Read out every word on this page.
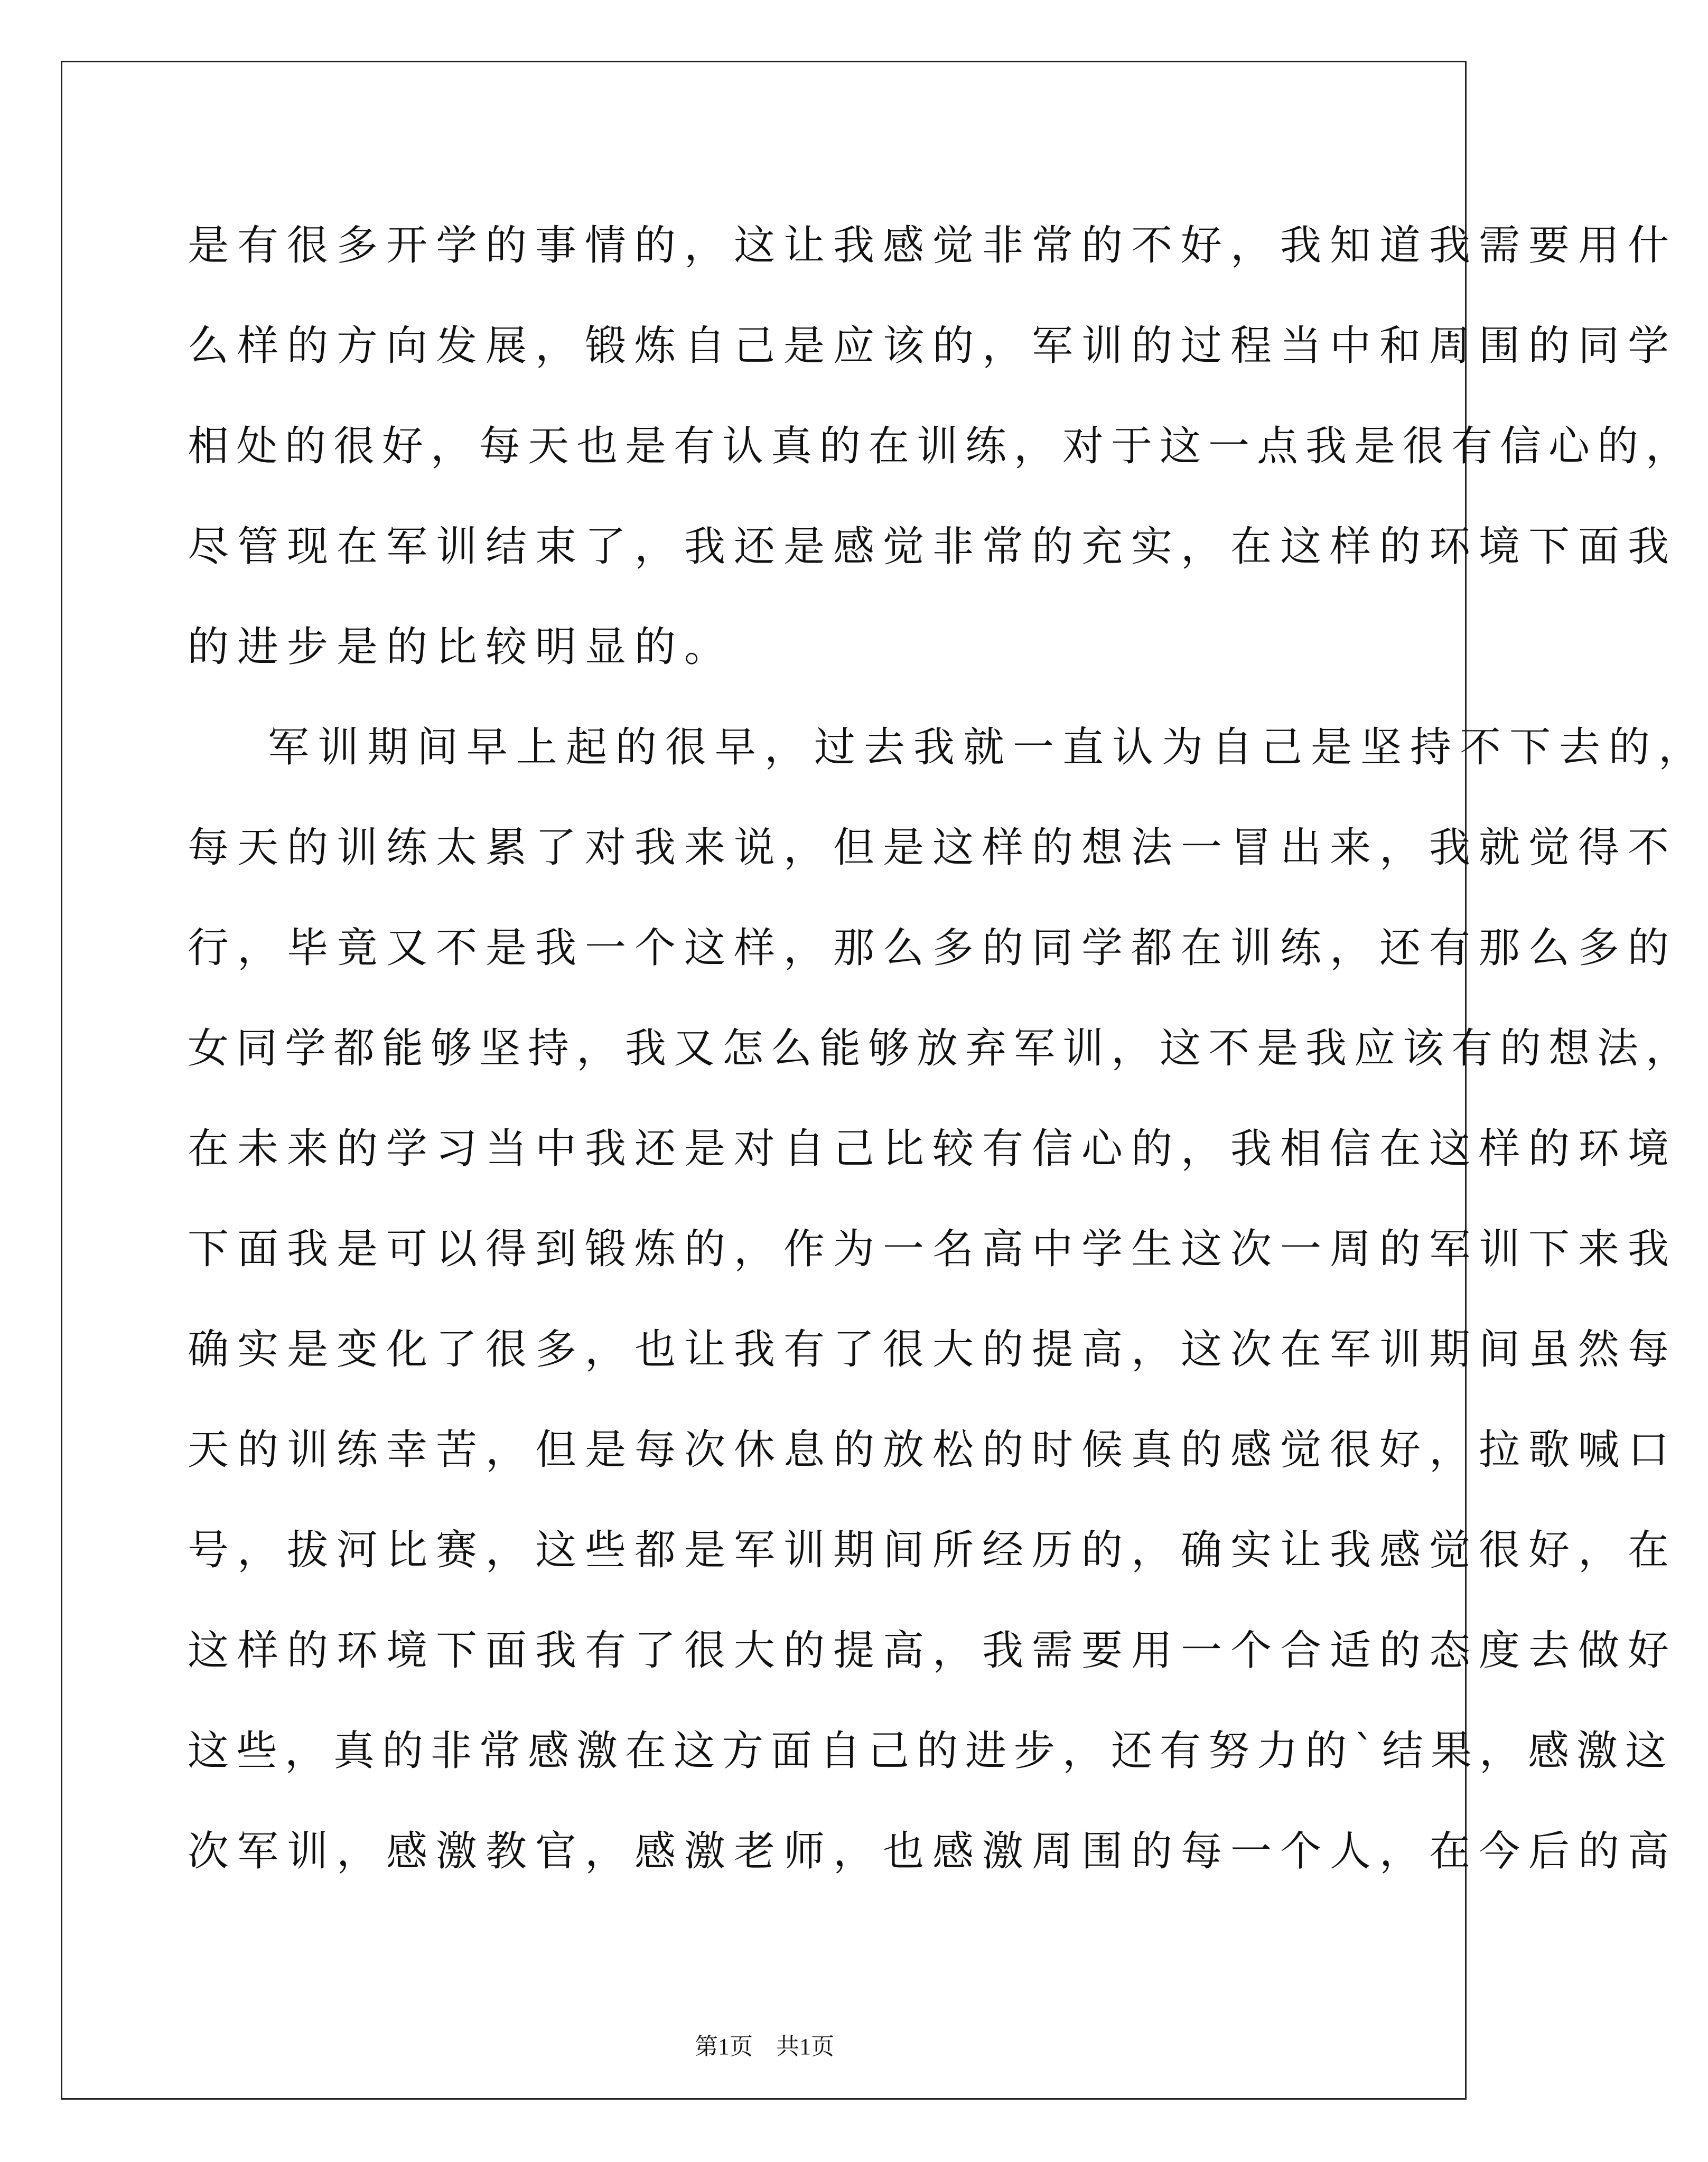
是有很多开学的事情的，这让我感觉非常的不好，我知道我需要用什
么样的方向发展，锻炼自己是应该的，军训的过程当中和周围的同学
相处的很好，每天也是有认真的在训练，对于这一点我是很有信心的，
尽管现在军训结束了，我还是感觉非常的充实，在这样的环境下面我
的进步是的比较明显的。
军训期间早上起的很早，过去我就一直认为自己是坚持不下去的，
每天的训练太累了对我来说，但是这样的想法一冒出来，我就觉得不
行，毕竟又不是我一个这样，那么多的同学都在训练，还有那么多的
女同学都能够坚持，我又怎么能够放弃军训，这不是我应该有的想法，
在未来的学习当中我还是对自己比较有信心的，我相信在这样的环境
下面我是可以得到锻炼的，作为一名高中学生这次一周的军训下来我
确实是变化了很多，也让我有了很大的提高，这次在军训期间虽然每
天的训练幸苦，但是每次休息的放松的时候真的感觉很好，拉歌喊口
号，拔河比赛，这些都是军训期间所经历的，确实让我感觉很好，在
这样的环境下面我有了很大的提高，我需要用一个合适的态度去做好
这些，真的非常感激在这方面自己的进步，还有努力的`结果，感激这
次军训，感激教官，感激老师，也感激周围的每一个人，在今后的高
第1页 共1页
